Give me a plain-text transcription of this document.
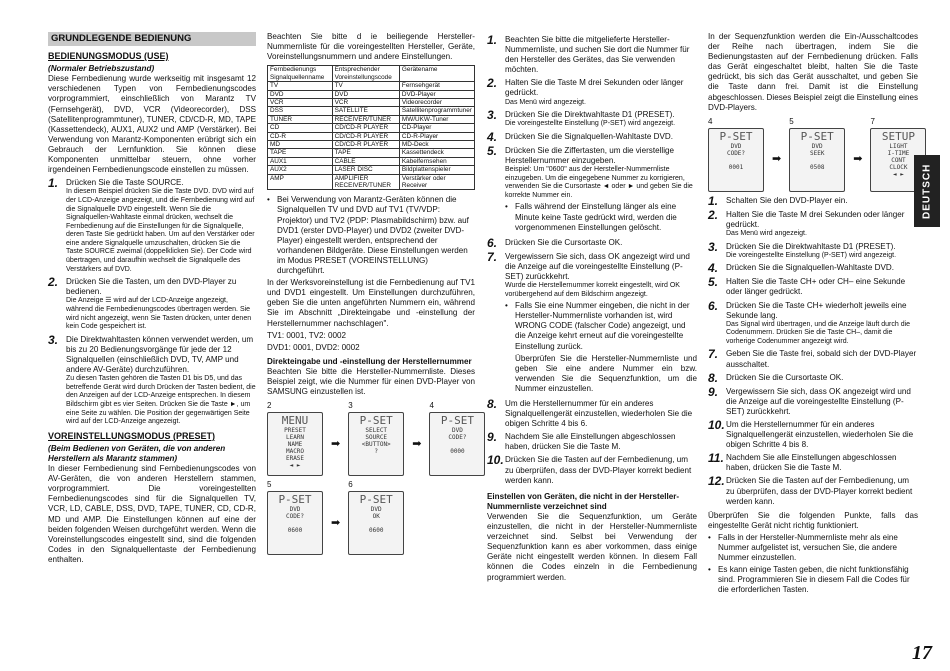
GRUNDLEGENDE BEDIENUNG
BEDIENUNGSMODUS (USE)
(Normaler Betriebszustand)

Diese Fernbedienung wurde werkseitig mit insgesamt 12 verschiedenen Typen von Fernbedienungscodes vorprogrammiert, einschließlich von Marantz TV (Fernsehgerät), DVD, VCR (Videorecorder), DSS (Satellitenprogrammtuner), TUNER, CD/CD-R, MD, TAPE (Kassettendeck), AUX1, AUX2 und AMP (Verstärker). Bei Verwendung von Marantz-Komponenten erübrigt sich ein Gebrauch der Lernfunktion. Sie können diese Komponenten unmittelbar steuern, ohne vorher irgendeinen Fernbedienungscode einstellen zu müssen.

1. Drücken Sie die Taste SOURCE.
In diesem Beispiel drücken Sie die Taste DVD. DVD wird auf der LCD-Anzeige angezeigt, und die Fernbedienung wird auf die Signalquelle DVD eingestellt. Wenn Sie die Signalquellen-Wahltaste einmal drücken, wechselt die Fernbedienung auf die Einstellungen für die Signalquelle, deren Taste Sie gedrückt haben. Um auf den Verstärker oder eine andere Signalquelle umzuschalten, drücken Sie die Taste SOURCE zweimal (doppelklicken Sie). Der Code wird übertragen, und daraufhin wechselt die Signalquelle des Verstärkers auf DVD.
2. Drücken Sie die Tasten, um den DVD-Player zu bedienen.
Die Anzeige ☰ wird auf der LCD-Anzeige angezeigt, während die Fernbedienungscodes übertragen werden. Sie wird nicht angezeigt, wenn Sie Tasten drücken, unter denen kein Code gespeichert ist.
3. Die Direktwahltasten können verwendet werden, um bis zu 20 Bedienungsvorgänge für jede der 12 Signalquellen (einschließlich DVD, TV, AMP und andere AV-Geräte) durchzuführen.
Zu diesen Tasten gehören die Tasten D1 bis D5, und das betreffende Gerät wird durch Drücken der Tasten bedient, die den Anzeigen auf der LCD-Anzeige entsprechen. In diesem Bildschirm gibt es vier Seiten. Drücken Sie die Taste ►, um eine Seite zu wählen. Die Position der gegenwärtigen Seite wird auf der LCD-Anzeige angezeigt.
VOREINSTELLUNGSMODUS (PRESET)
(Beim Bedienen von Geräten, die von anderen Herstellern als Marantz stammen)

In dieser Fernbedienung sind Fernbedienungscodes von AV-Geräten, die von anderen Herstellern stammen, vorprogrammiert. Die voreingestellten Fernbedienungscodes sind für die Signalquellen TV, VCR, LD, CABLE, DSS, DVD, TAPE, TUNER, CD, CD-R, MD und AMP. Die Einstellungen können auf eine der beiden folgenden Weisen durchgeführt werden. Wenn die Voreinstellungscodes eingestellt sind, sind die folgenden Codes in den Signalquellentaste der Fernbedienung enthalten.

Beachten Sie bitte d ie beiliegende Hersteller-Nummernliste für die voreingestellten Hersteller, Geräte, Voreinstellungsnummern und andere Einstellungen.

Fernbedienungs Signalquellenname	Entsprechender Voreinstellungscode	Gerätename
TV	TV	Fernsehgerät
DVD	DVD	DVD-Player
VCR	VCR	Videorecorder
DSS	SATELLITE	Satellitenprogrammtuner
TUNER	RECEIVER/TUNER	MW/UKW-Tuner
CD	CD/CD-R PLAYER	CD-Player
CD-R	CD/CD-R PLAYER	CD-R-Player
MD	CD/CD-R PLAYER	MD-Deck
TAPE	TAPE	Kassettendeck
AUX1	CABLE	Kabelfernsehen
AUX2	LASER DISC	Bildplattenspieler
AMP	AMPLIFIER RECEIVER/TUNER	Verstärker oder Receiver
• Bei Verwendung von Marantz-Geräten können die Signalquellen TV und DVD auf TV1 (TV/VDP: Projektor) und TV2 (PDP: Plasmabildschirm) bzw. auf DVD1 (erster DVD-Player) und DVD2 (zweiter DVD-Player) eingestellt werden, entsprechend der vorhandenen Bildgeräte. Diese Einstellungen werden im Modus PRESET (VOREINSTELLUNG) durchgeführt.

In der Werksvoreinstellung ist die Fernbedienung auf TV1 und DVD1 eingestellt. Um Einstellungen durchzuführen, geben Sie die unten angeführten Nummern ein, während Sie im Abschnitt „Direkteingabe und -einstellung der Herstellernummer nachschlagen".

TV1: 0001, TV2: 0002

DVD1: 0001, DVD2: 0002

Direkteingabe und -einstellung der Herstellernummer

Beachten Sie bitte die Hersteller-Nummernliste. Dieses Beispiel zeigt, wie die Nummer für einen DVD-Player von SAMSUNG einzustellen ist.

2
MENU
PRESET
LEARN
NAME
MACRO
ERASE
◄ ►
➡
3
P-SET
SELECT
SOURCE
<BUTTON>
?
➡
4
P-SET
DVD
CODE?

0000
5
P-SET
DVD
CODE?

0600
➡
6
P-SET
DVD
OK

0600
1. Beachten Sie bitte die mitgelieferte Hersteller-Nummernliste, und suchen Sie dort die Nummer für den Hersteller des Gerätes, das Sie verwenden möchten.
2. Halten Sie die Taste M drei Sekunden oder länger gedrückt.
Das Menü wird angezeigt.
3. Drücken Sie die Direktwahltaste D1 (PRESET).
Die voreingestellte Einstellung (P-SET) wird angezeigt.
4. Drücken Sie die Signalquellen-Wahltaste DVD.
5. Drücken Sie die Ziffertasten, um die vierstellige Herstellernummer einzugeben.
Beispiel: Um "0600" aus der Hersteller-Nummernliste einzugeben. Um die eingegebene Nummer zu korrigieren, verwenden Sie die Cursortaste ◄ oder ► und geben Sie die korrekte Nummer ein.
• Falls während der Einstellung länger als eine Minute keine Taste gedrückt wird, werden die vorgenommenen Einstellungen gelöscht.
6. Drücken Sie die Cursortaste OK.
7. Vergewissern Sie sich, dass OK angezeigt wird und die Anzeige auf die voreingestellte Einstellung (P-SET) zurückkehrt.
Wurde die Herstellernummer korrekt eingestellt, wird OK vorübergehend auf dem Bildschirm angezeigt.
• Falls Sie eine Nummer eingeben, die nicht in der Hersteller-Nummernliste vorhanden ist, wird WRONG CODE (falscher Code) angezeigt, und die Anzeige kehrt erneut auf die voreingestellte Einstellung zurück.

Überprüfen Sie die Hersteller-Nummernliste und geben Sie eine andere Nummer ein bzw. verwenden Sie die Sequenzfunktion, um die Nummer einzustellen.

8. Um die Herstellernummer für ein anderes Signalquellengerät einzustellen, wiederholen Sie die obigen Schritte 4 bis 6.
9. Nachdem Sie alle Einstellungen abgeschlossen haben, drücken Sie die Taste M.
10. Drücken Sie die Tasten auf der Fernbedienung, um zu überprüfen, dass der DVD-Player korrekt bedient werden kann.
Einstellen von Geräten, die nicht in der Hersteller-Nummernliste verzeichnet sind

Verwenden Sie die Sequenzfunktion, um Geräte einzustellen, die nicht in der Hersteller-Nummernliste verzeichnet sind. Selbst bei Verwendung der Sequenzfunktion kann es aber vorkommen, dass einige Geräte nicht eingestellt werden können. In diesem Fall können die Codes einzeln in die Fernbedienung programmiert werden.

In der Sequenzfunktion werden die Ein-/Ausschaltcodes der Reihe nach übertragen, indem Sie die Bedienungstasten auf der Fernbedienung drücken. Falls das Gerät eingeschaltet bleibt, halten Sie die Taste gedrückt, bis sich das Gerät ausschaltet, und geben Sie die Taste dann frei. Damit ist die Einstellung abgeschlossen. Dieses Beispiel zeigt die Einstellung eines DVD-Players.

4
P-SET
DVD
CODE?

0001
➡
5
P-SET
DVD
SEEK

0508
➡
7
SETUP
LIGHT
I-TIME
CONT
CLOCK
◄ ►
1. Schalten Sie den DVD-Player ein.
2. Halten Sie die Taste M drei Sekunden oder länger gedrückt.
Das Menü wird angezeigt.
3. Drücken Sie die Direktwahltaste D1 (PRESET).
Die voreingestellte Einstellung (P-SET) wird angezeigt.
4. Drücken Sie die Signalquellen-Wahltaste DVD.
5. Halten Sie die Taste CH+ oder CH– eine Sekunde oder länger gedrückt.
6. Drücken Sie die Taste CH+ wiederholt jeweils eine Sekunde lang.
Das Signal wird übertragen, und die Anzeige läuft durch die Codenummern. Drücken Sie die Taste CH–, damit die vorherige Codenummer angezeigt wird.
7. Geben Sie die Taste frei, sobald sich der DVD-Player ausschaltet.
8. Drücken Sie die Cursortaste OK.
9. Vergewissern Sie sich, dass OK angezeigt wird und die Anzeige auf die voreingestellte Einstellung (P-SET) zurückkehrt.
10. Um die Herstellernummer für ein anderes Signalquellengerät einzustellen, wiederholen Sie die obigen Schritte 4 bis 8.
11. Nachdem Sie alle Einstellungen abgeschlossen haben, drücken Sie die Taste M.
12. Drücken Sie die Tasten auf der Fernbedienung, um zu überprüfen, dass der DVD-Player korrekt bedient werden kann.

Überprüfen Sie die folgenden Punkte, falls das eingestellte Gerät nicht richtig funktioniert.

• Falls in der Hersteller-Nummernliste mehr als eine Nummer aufgelistet ist, versuchen Sie, die andere Nummer einzustellen.
• Es kann einige Tasten geben, die nicht funktionsfähig sind. Programmieren Sie in diesem Fall die Codes für die erforderlichen Tasten.
DEUTSCH
17
